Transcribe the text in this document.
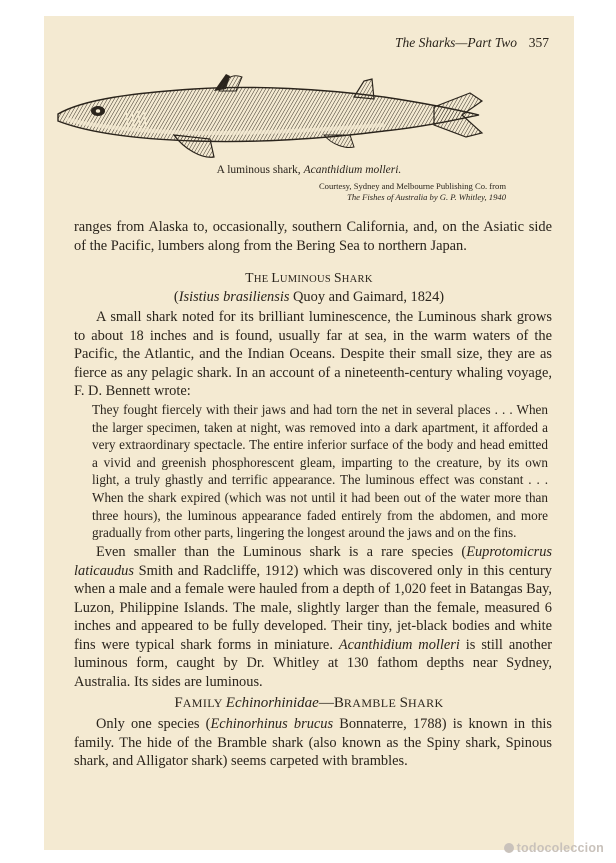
The Sharks—Part Two 357
A luminous shark, Acanthidium molleri.
Courtesy, Sydney and Melbourne Publishing Co. from
The Fishes of Australia by G. P. Whitley, 1940

ranges from Alaska to, occasionally, southern California, and, on the Asiatic side of the Pacific, lumbers along from the Bering Sea to northern Japan.

THE LUMINOUS SHARK
(Isistius brasiliensis Quoy and Gaimard, 1824)

A small shark noted for its brilliant luminescence, the Luminous shark grows to about 18 inches and is found, usually far at sea, in the warm waters of the Pacific, the Atlantic, and the Indian Oceans. Despite their small size, they are as fierce as any pelagic shark. In an account of a nineteenth-century whaling voyage, F. D. Bennett wrote:

They fought fiercely with their jaws and had torn the net in several places . . . When the larger specimen, taken at night, was removed into a dark apartment, it afforded a very extraordinary spectacle. The entire inferior surface of the body and head emitted a vivid and greenish phosphorescent gleam, imparting to the creature, by its own light, a truly ghastly and terrific appearance. The luminous effect was constant . . . When the shark expired (which was not until it had been out of the water more than three hours), the luminous appearance faded entirely from the abdomen, and more gradually from other parts, lingering the longest around the jaws and on the fins.

Even smaller than the Luminous shark is a rare species (Euprotomicrus laticaudus Smith and Radcliffe, 1912) which was discovered only in this century when a male and a female were hauled from a depth of 1,020 feet in Batangas Bay, Luzon, Philippine Islands. The male, slightly larger than the female, measured 6 inches and appeared to be fully developed. Their tiny, jet-black bodies and white fins were typical shark forms in miniature. Acanthidium molleri is still another luminous form, caught by Dr. Whitley at 130 fathom depths near Sydney, Australia. Its sides are luminous.

FAMILY Echinorhinidae—BRAMBLE SHARK

Only one species (Echinorhinus brucus Bonnaterre, 1788) is known in this family. The hide of the Bramble shark (also known as the Spiny shark, Spinous shark, and Alligator shark) seems carpeted with brambles.

todocoleccion
